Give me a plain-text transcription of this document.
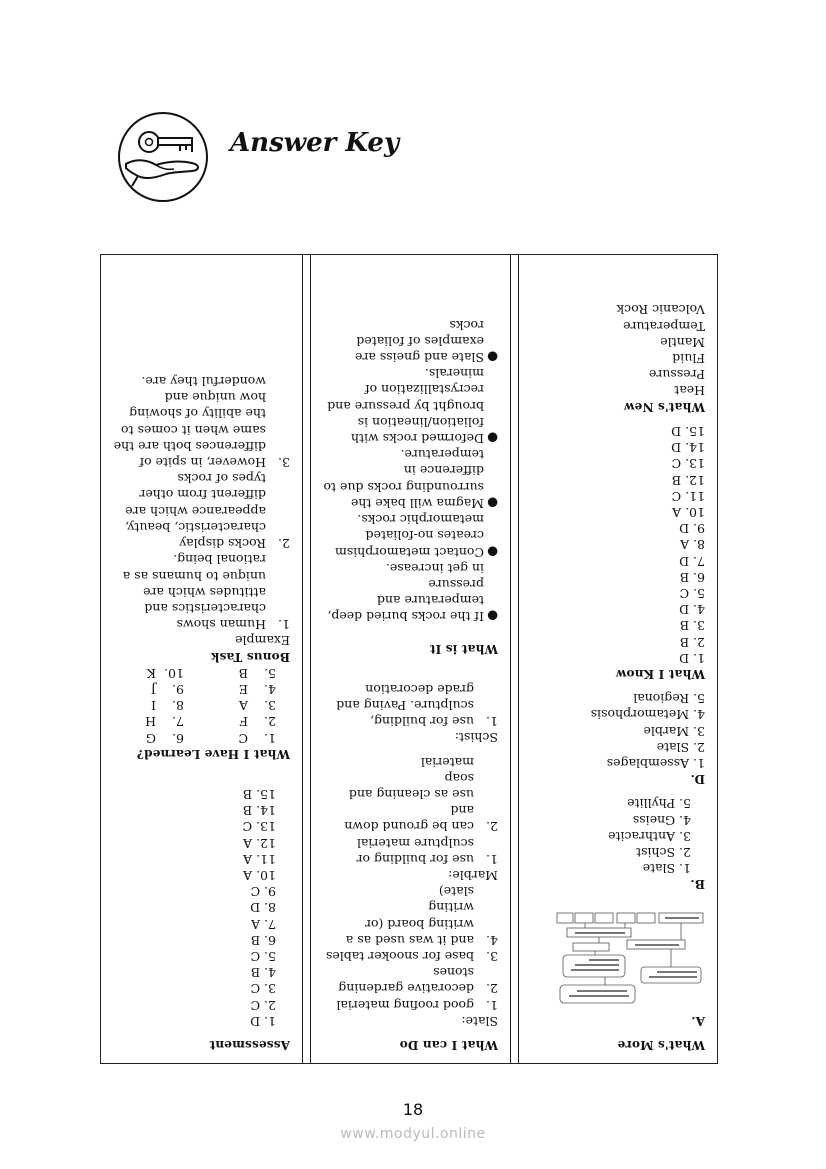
Answer Key
What's More
A.
B.
1. Slate
2. Schist
3. Anthracite
4. Gneiss
5. Phyllite
D.
1. Assemblages
2. Slate
3. Marble
4. Metamorphosis
5. Regional
What I Know
1. D
2. B
3. B
4. D
5. C
6. B
7. D
8. A
9. D
10. A
11. C
12. B
13. C
14. D
15. D
What's New
Heat
Pressure
Fluid
Mantle
Temperature
Volcanic Rock
What I can Do
Slate:
1.
good roofing material
2.
decorative gardening
stones
3.
base for snooker tables
4.
and it was used as a
writing board (or writing
slate)
Marble:
1.
use for building or
sculpture material
2.
can be ground down and
use as cleaning and soap
material
Schist:
1.
use for building,
sculpture. Paving and
grade decoration
What is It
●
If the rocks buried deep,
temperature and pressure
in get increase.
●
Contact metamorphism
creates no-foliated
metamorphic rocks.
●
Magma will bake the
surrounding rocks due to
difference in temperature.
●
Deformed rocks with
foliation/lineation is
brought by pressure and
recrystallization of
minerals.
●
Slate and gneiss are
examples of foliated rocks
Assessment
1. D
2. C
3. C
4. B
5. C
6. B
7. A
8. D
9. C
10. A
11. A
12. A
13. C
14. B
15. B
What I Have Learned?
1.
C
6.
G
2.
F
7.
H
3.
A
8.
I
4.
E
9.
J
5.
B
10.
K
Bonus Task
Example
1.
Human shows
characteristics and
attitudes which are
unique to humans as a
rational being.
2.
Rocks display
characteristic, beauty,
appearance which are
different from other
types of rocks
3.
However, in spite of
differences both are the
same when it comes to
the ability of showing
how unique and
wonderful they are.
18
www.modyul.online
